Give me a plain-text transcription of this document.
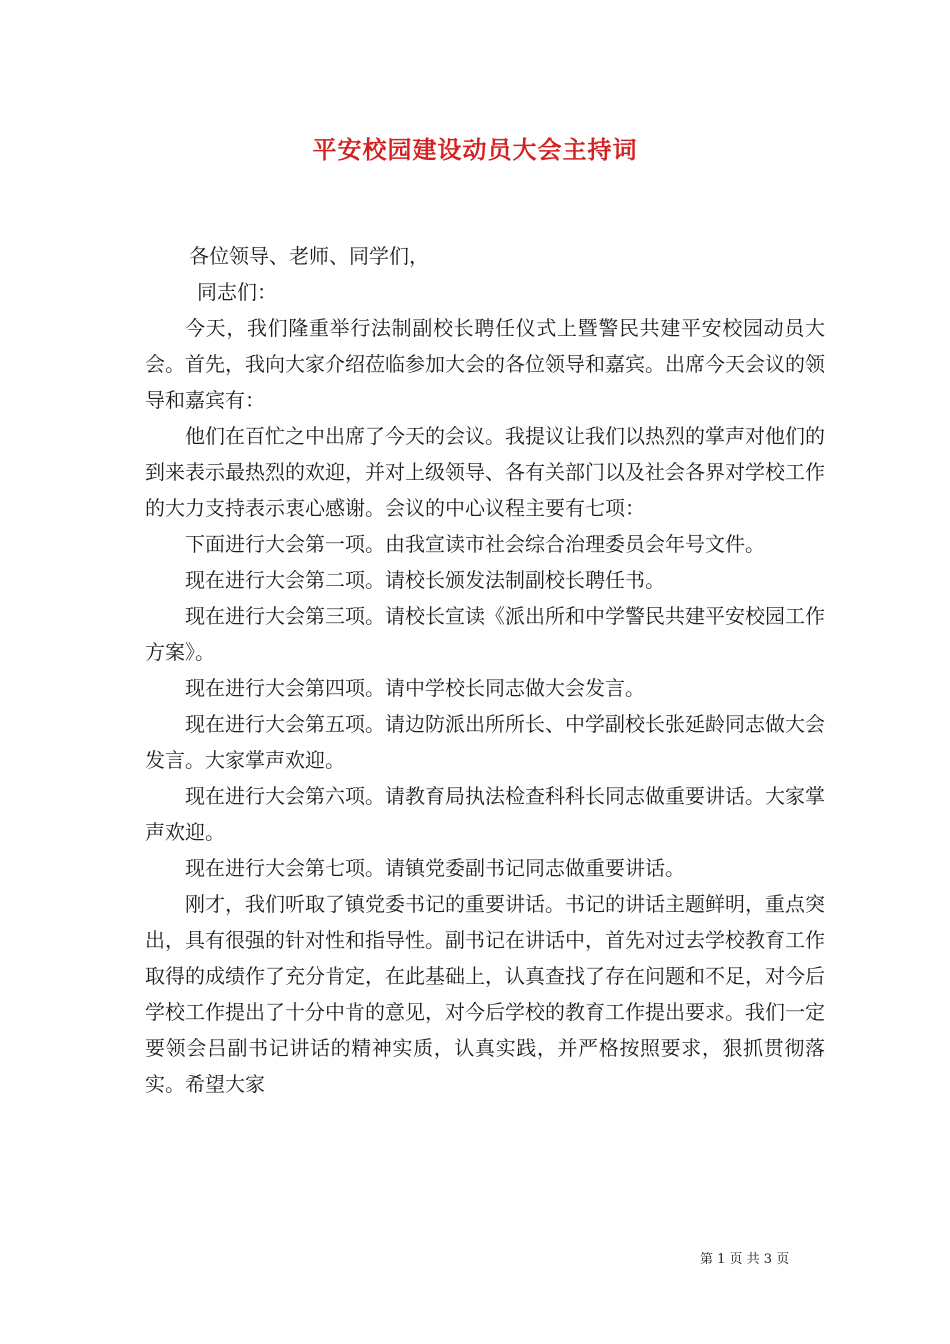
平安校园建设动员大会主持词

各位领导、老师、同学们，

同志们：

今天，我们隆重举行法制副校长聘任仪式上暨警民共建平安校园动员大会。首先，我向大家介绍莅临参加大会的各位领导和嘉宾。出席今天会议的领导和嘉宾有：

他们在百忙之中出席了今天的会议。我提议让我们以热烈的掌声对他们的到来表示最热烈的欢迎，并对上级领导、各有关部门以及社会各界对学校工作的大力支持表示衷心感谢。会议的中心议程主要有七项：

下面进行大会第一项。由我宣读市社会综合治理委员会年号文件。

现在进行大会第二项。请校长颁发法制副校长聘任书。

现在进行大会第三项。请校长宣读《派出所和中学警民共建平安校园工作方案》。

现在进行大会第四项。请中学校长同志做大会发言。

现在进行大会第五项。请边防派出所所长、中学副校长张延龄同志做大会发言。大家掌声欢迎。

现在进行大会第六项。请教育局执法检查科科长同志做重要讲话。大家掌声欢迎。

现在进行大会第七项。请镇党委副书记同志做重要讲话。

刚才，我们听取了镇党委书记的重要讲话。书记的讲话主题鲜明，重点突出，具有很强的针对性和指导性。副书记在讲话中，首先对过去学校教育工作取得的成绩作了充分肯定，在此基础上，认真查找了存在问题和不足，对今后学校工作提出了十分中肯的意见，对今后学校的教育工作提出要求。我们一定要领会吕副书记讲话的精神实质，认真实践，并严格按照要求，狠抓贯彻落实。希望大家

第 1 页 共 3 页
